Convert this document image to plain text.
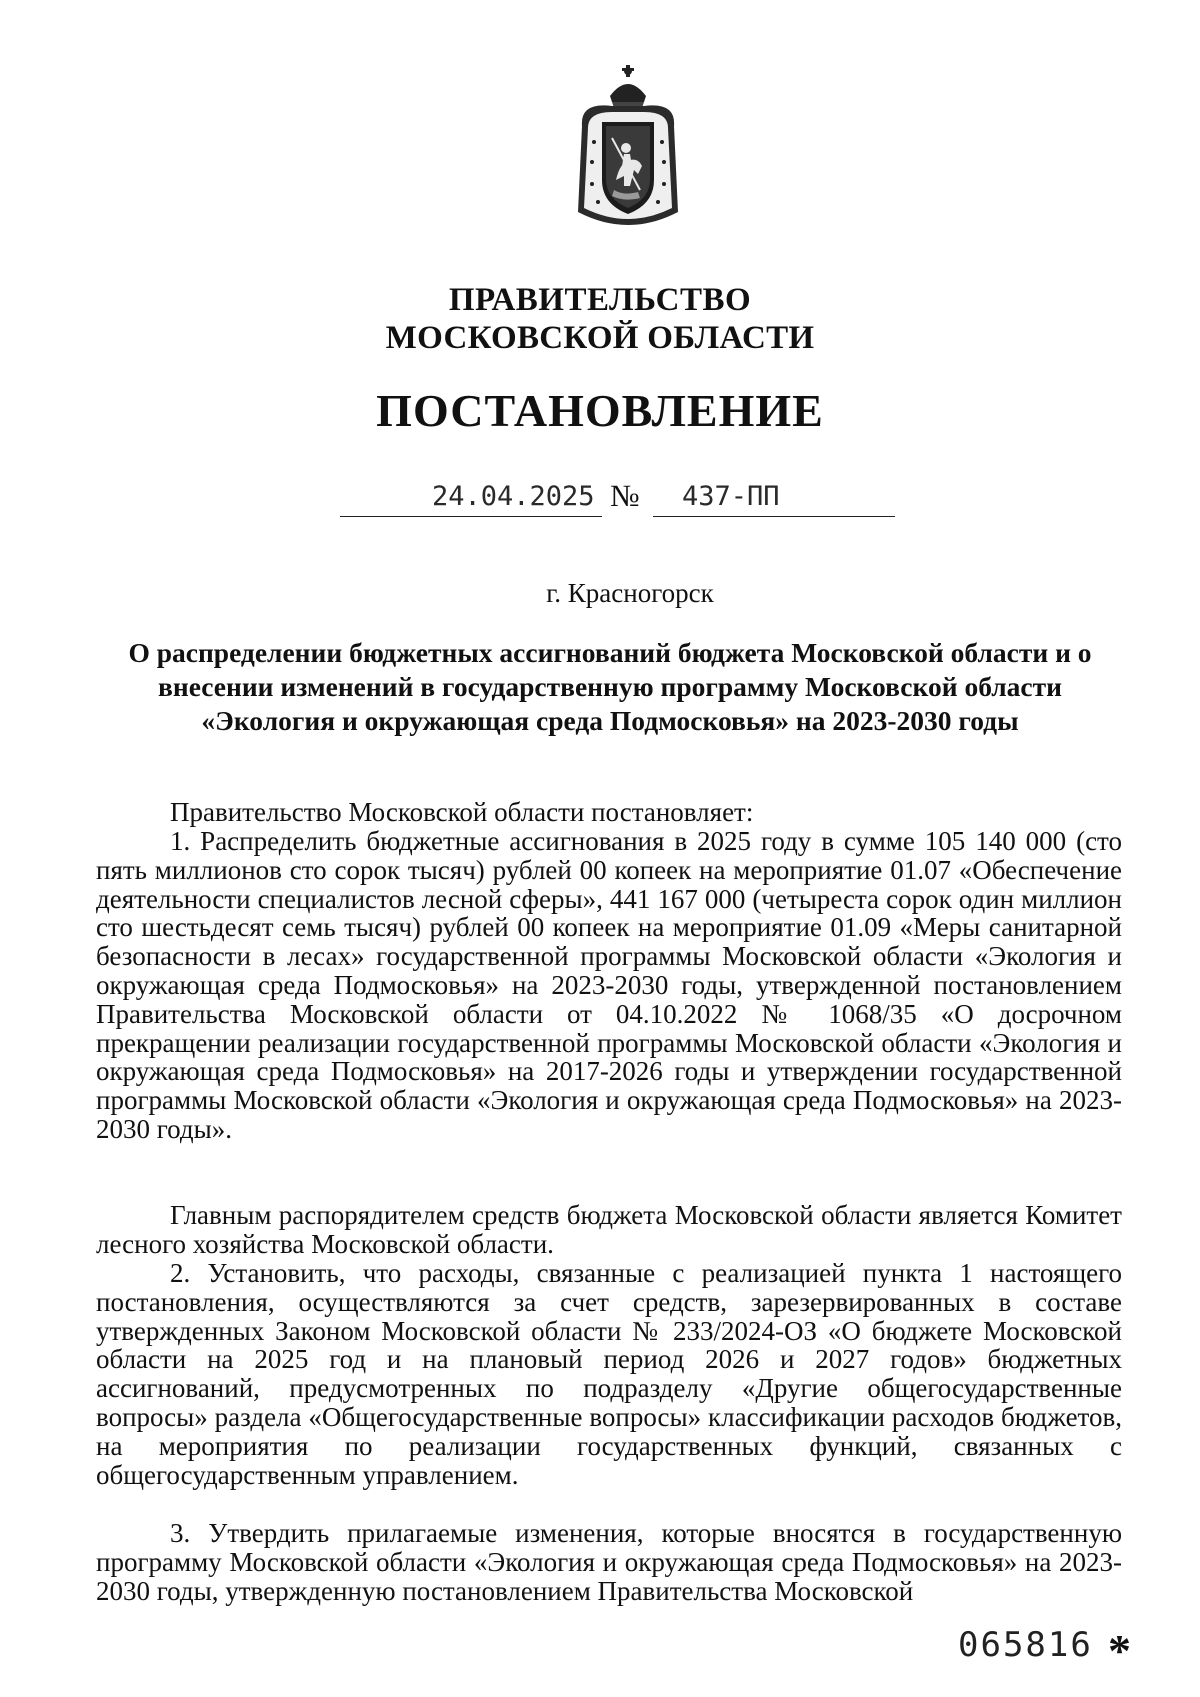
ПРАВИТЕЛЬСТВО
МОСКОВСКОЙ ОБЛАСТИ
ПОСТАНОВЛЕНИЕ
24.04.2025 № 437-ПП
г. Красногорск
О распределении бюджетных ассигнований бюджета Московской области и о внесении изменений в государственную программу Московской области «Экология и окружающая среда Подмосковья» на 2023-2030 годы
Правительство Московской области постановляет:
1. Распределить бюджетные ассигнования в 2025 году в сумме 105 140 000 (сто пять миллионов сто сорок тысяч) рублей 00 копеек на мероприятие 01.07 «Обеспечение деятельности специалистов лесной сферы», 441 167 000 (четыреста сорок один миллион сто шестьдесят семь тысяч) рублей 00 копеек на мероприятие 01.09 «Меры санитарной безопасности в лесах» государственной программы Московской области «Экология и окружающая среда Подмосковья» на 2023-2030 годы, утвержденной постановлением Правительства Московской области от 04.10.2022 № 1068/35 «О досрочном прекращении реализации государственной программы Московской области «Экология и окружающая среда Подмосковья» на 2017-2026 годы и утверждении государственной программы Московской области «Экология и окружающая среда Подмосковья» на 2023-2030 годы».
Главным распорядителем средств бюджета Московской области является Комитет лесного хозяйства Московской области.
2. Установить, что расходы, связанные с реализацией пункта 1 настоящего постановления, осуществляются за счет средств, зарезервированных в составе утвержденных Законом Московской области № 233/2024-ОЗ «О бюджете Московской области на 2025 год и на плановый период 2026 и 2027 годов» бюджетных ассигнований, предусмотренных по подразделу «Другие общегосударственные вопросы» раздела «Общегосударственные вопросы» классификации расходов бюджетов, на мероприятия по реализации государственных функций, связанных с общегосударственным управлением.
3. Утвердить прилагаемые изменения, которые вносятся в государственную программу Московской области «Экология и окружающая среда Подмосковья» на 2023-2030 годы, утвержденную постановлением Правительства Московской
065816 *
